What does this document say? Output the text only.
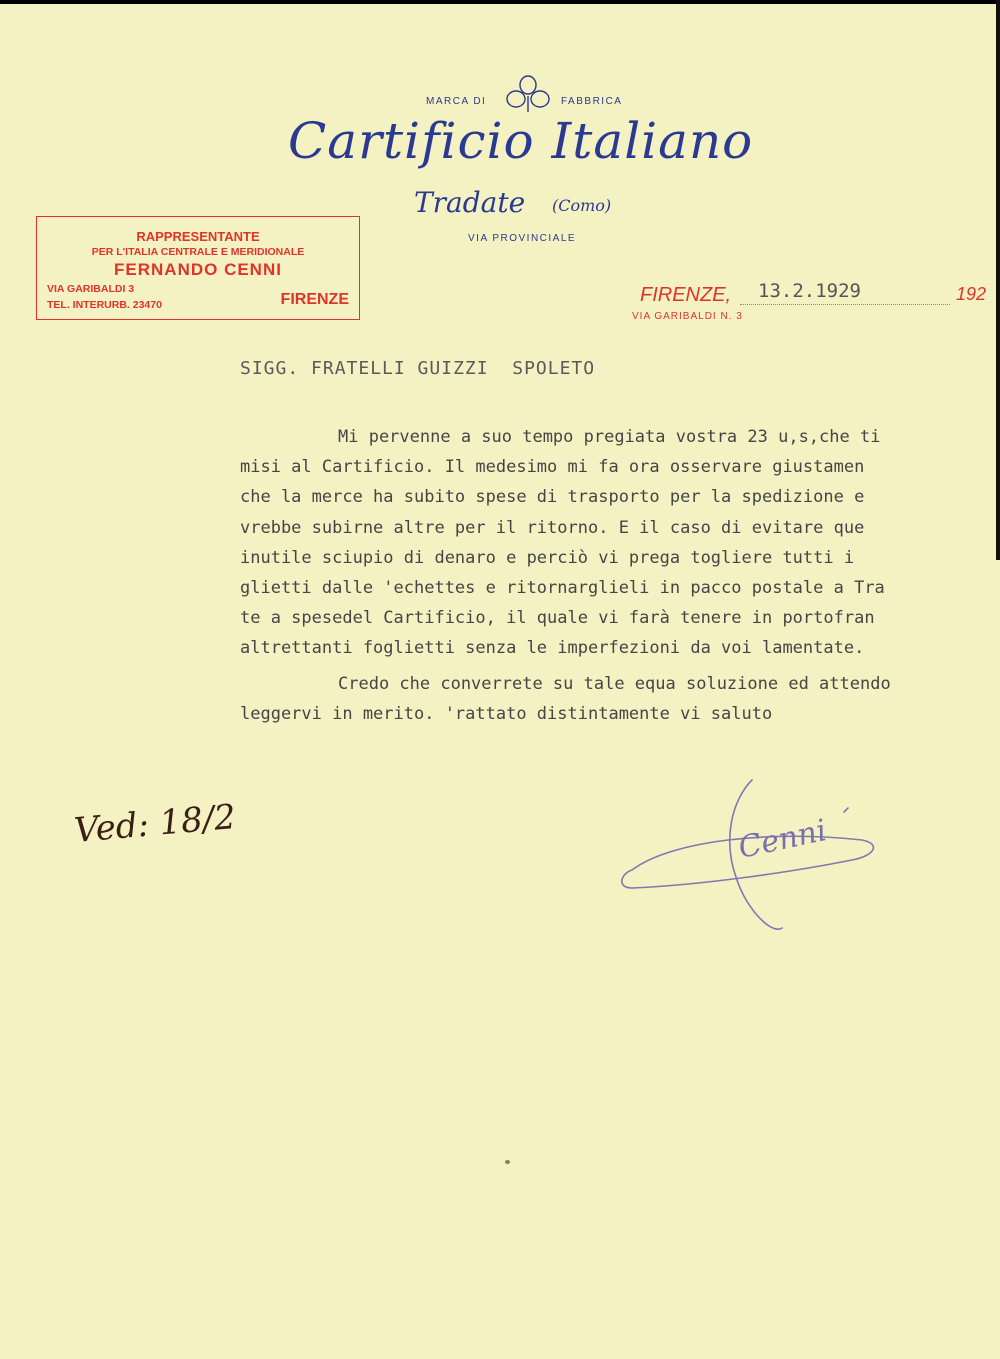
MARCA DI	FABBRICA
Cartificio Italiano
Tradate (Como)
VIA PROVINCIALE
RAPPRESENTANTE
PER L'ITALIA CENTRALE E MERIDIONALE
FERNANDO CENNI
VIA GARIBALDI 3
TEL. INTERURB. 23470	FIRENZE	FIRENZE, 13.2.1929	192
VIA GARIBALDI N. 3
SIGG. FRATELLI GUIZZI  SPOLETO
Mi pervenne a suo tempo pregiata vostra 23 u,s,che ti
misi al Cartificio. Il medesimo mi fa ora osservare giustamen
che la merce ha subito spese di trasporto per la spedizione e
vrebbe subirne altre per il ritorno. E il caso di evitare que
inutile sciupio di denaro e perciò vi prega togliere tutti i
glietti dalle 'echettes e ritornarglieli in pacco postale a Tra
te a spesedel Cartificio, il quale vi farà tenere in portofran
altrettanti foglietti senza le imperfezioni da voi lamentate.
Credo che converrete su tale equa soluzione ed attendo
leggervi in merito. 'rattato distintamente vi saluto
Ved: 18/2	Cenni
